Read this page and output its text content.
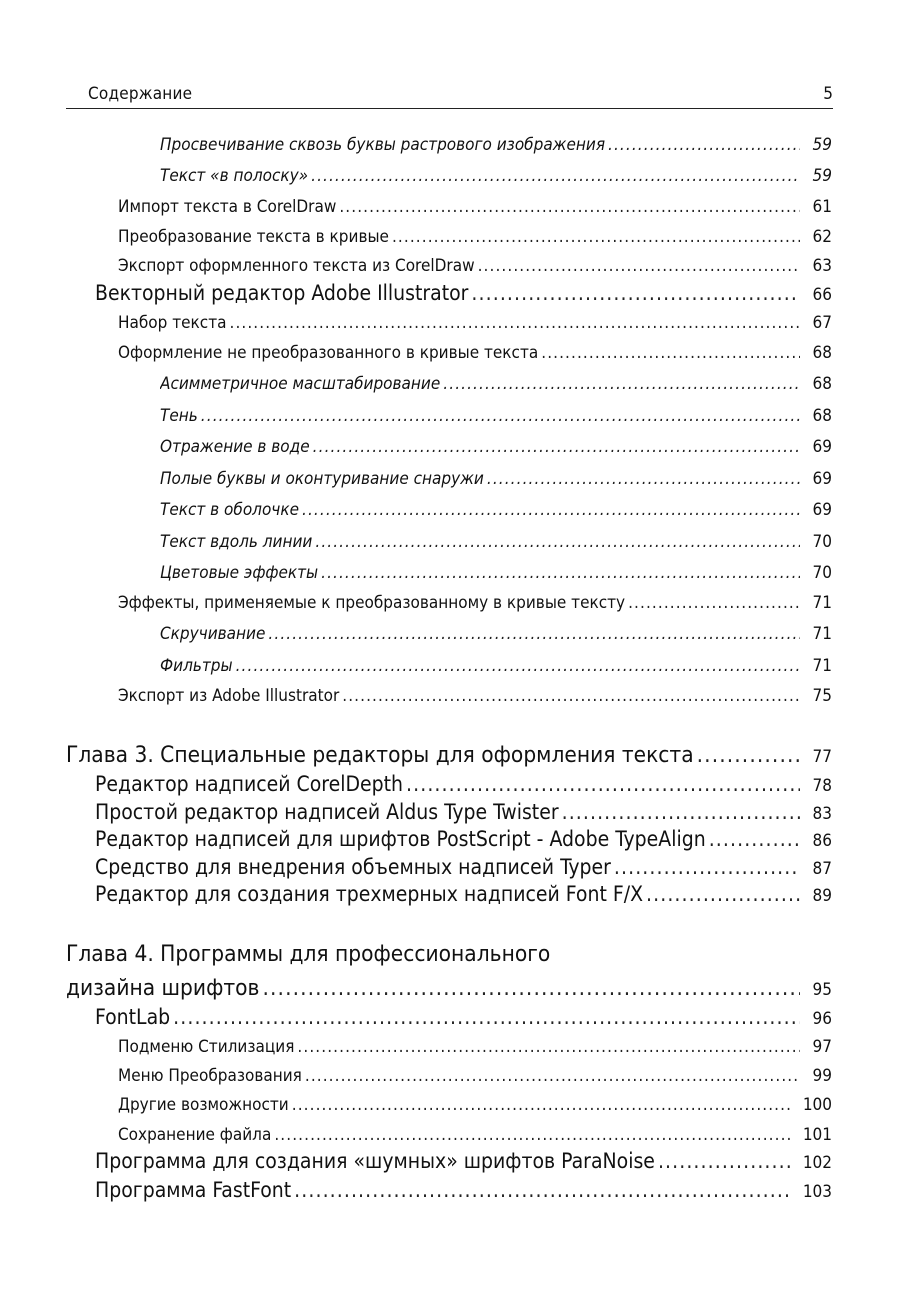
Содержание	5
Просвечивание сквозь буквы растрового изображения .....	59
Текст «в полоску» .....	59
Импорт текста в CorelDraw .....	61
Преобразование текста в кривые .....	62
Экспорт оформленного текста из CorelDraw .....	63
Векторный редактор Adobe Illustrator .....	66
Набор текста .....	67
Оформление не преобразованного в кривые текста .....	68
Асимметричное масштабирование .....	68
Тень .....	68
Отражение в воде .....	69
Полые буквы и оконтуривание снаружи .....	69
Текст в оболочке .....	69
Текст вдоль линии .....	70
Цветовые эффекты .....	70
Эффекты, применяемые к преобразованному в кривые тексту .....	71
Скручивание .....	71
Фильтры .....	71
Экспорт из Adobe Illustrator .....	75
Глава 3. Специальные редакторы для оформления текста .....	77
Редактор надписей CorelDepth .....	78
Простой редактор надписей Aldus Type Twister .....	83
Редактор надписей для шрифтов PostScript - Adobe TypeAlign .....	86
Средство для внедрения объемных надписей Typer .....	87
Редактор для создания трехмерных надписей Font F/X .....	89
Глава 4. Программы для профессионального
дизайна шрифтов .....	95
FontLab .....	96
Подменю Стилизация .....	97
Меню Преобразования .....	99
Другие возможности .....	100
Сохранение файла .....	101
Программа для создания «шумных» шрифтов ParaNoise .....	102
Программа FastFont .....	103
